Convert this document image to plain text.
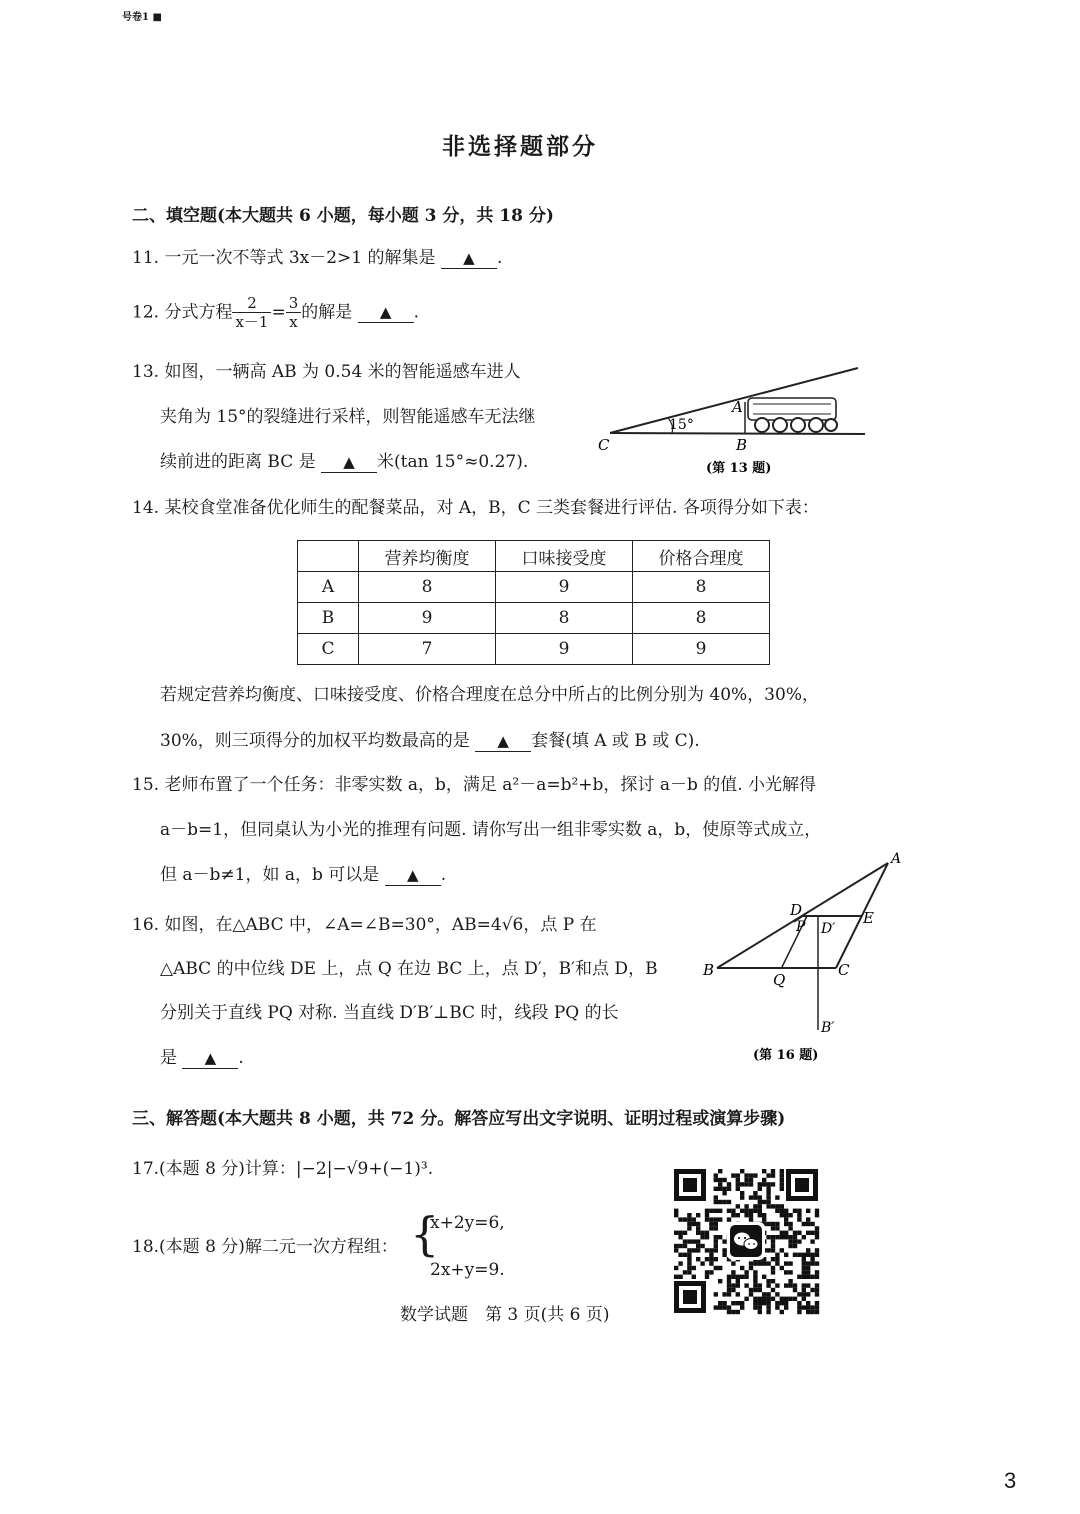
号卷1 ■
非选择题部分
二、填空题(本大题共 6 小题，每小题 3 分，共 18 分)
11. 一元一次不等式 3x－2>1 的解集是 ▲ .
12. 分式方程 $\frac{2}{x-1} = \frac{3}{x}$ 的解是 ▲ .
13. 如图，一辆高 AB 为 0.54 米的智能遥感车进人
夹角为 15°的裂缝进行采样，则智能遥感车无法继
续前进的距离 BC 是 ▲ 米(tan 15°≈0.27).
15°
A
B
C
(第 13 题)
14. 某校食堂准备优化师生的配餐菜品，对 A，B，C 三类套餐进行评估. 各项得分如下表：
	营养均衡度	口味接受度	价格合理度
A	8	9	8
B	9	8	8
C	7	9	9
若规定营养均衡度、口味接受度、价格合理度在总分中所占的比例分别为 40%，30%，
30%，则三项得分的加权平均数最高的是 ▲ 套餐(填 A 或 B 或 C).
15. 老师布置了一个任务：非零实数 a，b，满足 a²－a=b²+b，探讨 a－b 的值. 小光解得
a－b=1，但同桌认为小光的推理有问题. 请你写出一组非零实数 a，b，使原等式成立，
但 a－b≠1，如 a，b 可以是 ▲ .
16. 如图，在△ABC 中，∠A=∠B=30°，AB=4√6，点 P 在
△ABC 的中位线 DE 上，点 Q 在边 BC 上，点 D′，B′和点 D，B
分别关于直线 PQ 对称. 当直线 D′B′⊥BC 时，线段 PQ 的长
是 ▲ .
B
A
C
D	E
P D′
Q
B′
(第 16 题)
三、解答题(本大题共 8 小题，共 72 分。解答应写出文字说明、证明过程或演算步骤)
17.(本题 8 分)计算：|−2|−√9+(−1)³.
18.(本题 8 分)解二元一次方程组： {
x+2y=6,
2x+y=9.
数学试题　第 3 页(共 6 页)
3
